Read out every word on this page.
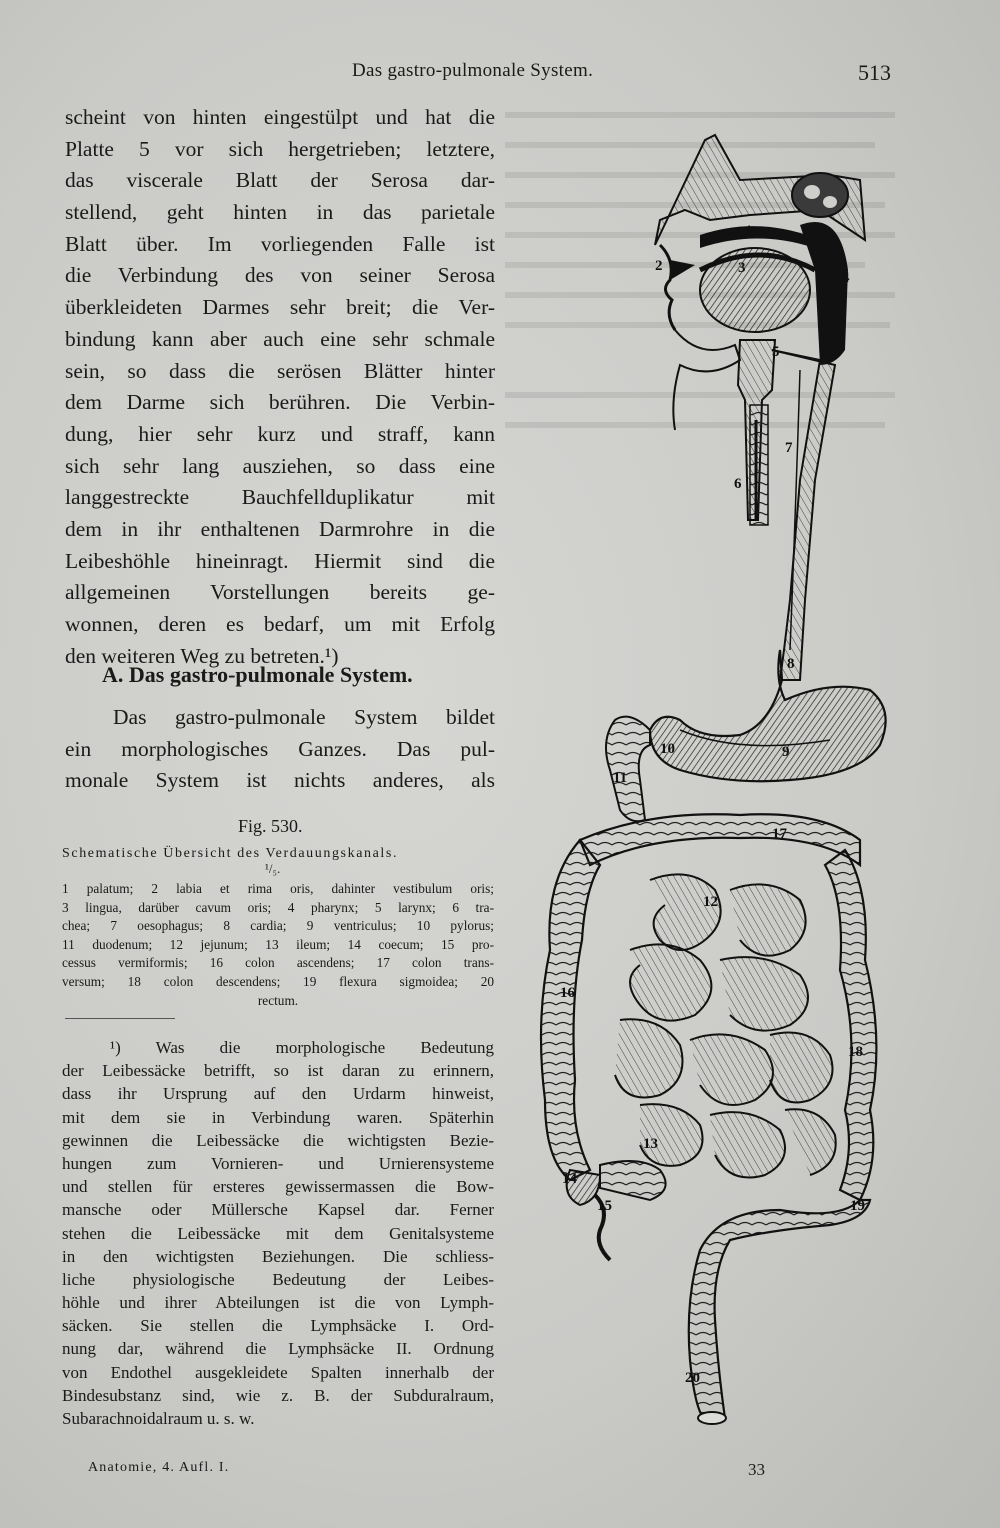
Das gastro-pulmonale System.	513
scheint von hinten eingestülpt und hat die
Platte 5 vor sich hergetrieben; letztere,
das viscerale Blatt der Serosa dar-
stellend, geht hinten in das parietale
Blatt über. Im vorliegenden Falle ist
die Verbindung des von seiner Serosa
überkleideten Darmes sehr breit; die Ver-
bindung kann aber auch eine sehr schmale
sein, so dass die serösen Blätter hinter
dem Darme sich berühren. Die Verbin-
dung, hier sehr kurz und straff, kann
sich sehr lang ausziehen, so dass eine
langgestreckte Bauchfellduplikatur mit
dem in ihr enthaltenen Darmrohre in die
Leibeshöhle hineinragt. Hiermit sind die
allgemeinen Vorstellungen bereits ge-
wonnen, deren es bedarf, um mit Erfolg
den weiteren Weg zu betreten.¹)
A. Das gastro-pulmonale System.
Das gastro-pulmonale System bildet
ein morphologisches Ganzes. Das pul-
monale System ist nichts anderes, als
Fig. 530.
Schematische Übersicht des Verdauungskanals.
¹/₅.
1 palatum; 2 labia et rima oris, dahinter vestibulum oris;
3 lingua, darüber cavum oris; 4 pharynx; 5 larynx; 6 tra-
chea; 7 oesophagus; 8 cardia; 9 ventriculus; 10 pylorus;
11 duodenum; 12 jejunum; 13 ileum; 14 coecum; 15 pro-
cessus vermiformis; 16 colon ascendens; 17 colon trans-
versum; 18 colon descendens; 19 flexura sigmoidea; 20
rectum.
¹) Was die morphologische Bedeutung
der Leibessäcke betrifft, so ist daran zu erinnern,
dass ihr Ursprung auf den Urdarm hinweist,
mit dem sie in Verbindung waren. Späterhin
gewinnen die Leibessäcke die wichtigsten Bezie-
hungen zum Vornieren- und Urnierensysteme
und stellen für ersteres gewissermassen die Bow-
mansche oder Müllersche Kapsel dar. Ferner
stehen die Leibessäcke mit dem Genitalsysteme
in den wichtigsten Beziehungen. Die schliess-
liche physiologische Bedeutung der Leibes-
höhle und ihrer Abteilungen ist die von Lymph-
säcken. Sie stellen die Lymphsäcke I. Ord-
nung dar, während die Lymphsäcke II. Ordnung
von Endothel ausgekleidete Spalten innerhalb der
Bindesubstanz sind, wie z. B. der Subduralraum,
Subarachnoidalraum u. s. w.
Anatomie, 4. Aufl. I.	33
1
2	3
4
5
6
7
8
9
10
11
12
13
14
15
16
17
18
19
20
